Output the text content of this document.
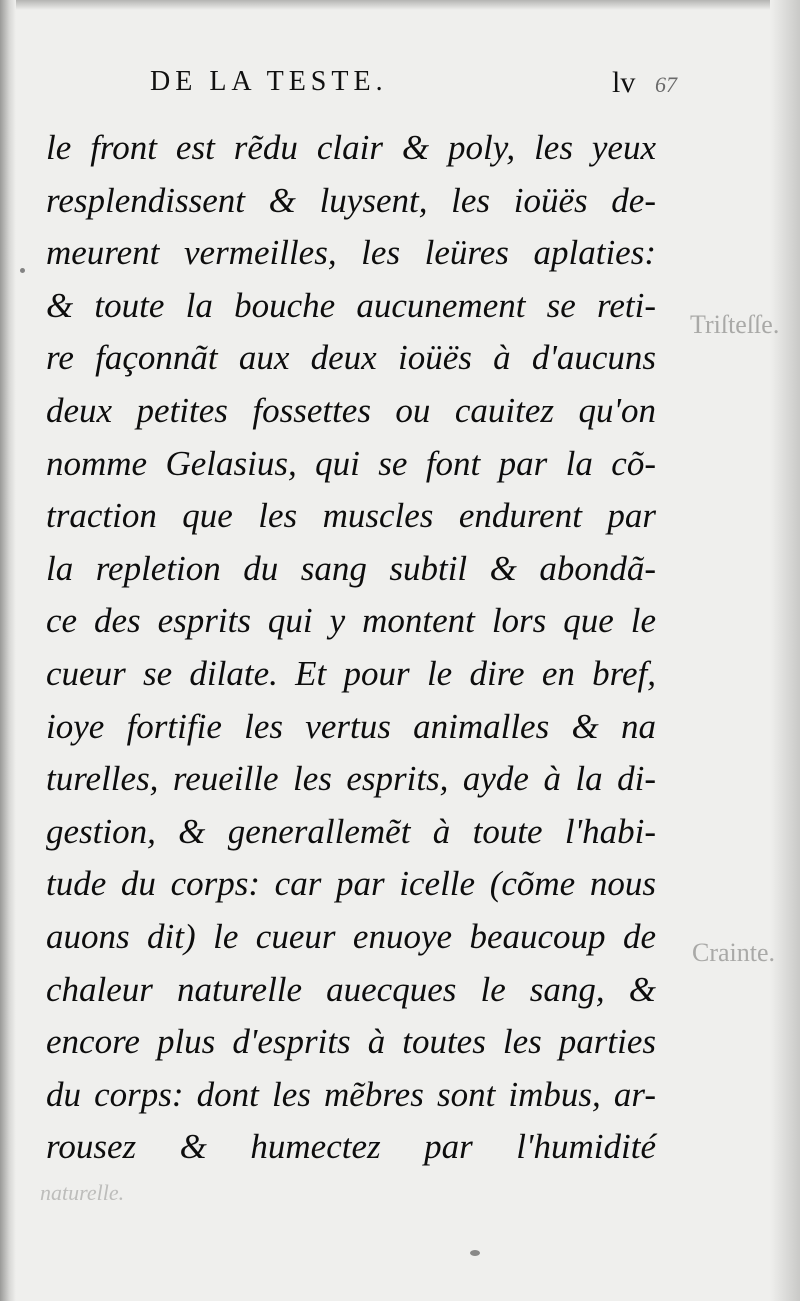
Triſteſſe.
Crainte.
naturelle.
DE LA TESTE.	lv 67
le front est rẽdu clair & poly, les yeux
resplendissent & luysent, les ioüës de-
meurent vermeilles, les leüres aplaties:
& toute la bouche aucunement se reti-
re façonnãt aux deux ioüës à d'aucuns
deux petites fossettes ou cauitez qu'on
nomme Gelasius, qui se font par la cõ-
traction que les muscles endurent par
la repletion du sang subtil & abondã-
ce des esprits qui y montent lors que le
cueur se dilate. Et pour le dire en bref,
ioye fortifie les vertus animalles & na
turelles, reueille les esprits, ayde à la di-
gestion, & generallemẽt à toute l'habi-
tude du corps: car par icelle (cõme nous
auons dit) le cueur enuoye beaucoup de
chaleur naturelle auecques le sang, &
encore plus d'esprits à toutes les parties
du corps: dont les mẽbres sont imbus, ar-
rousez & humectez par l'humidité
